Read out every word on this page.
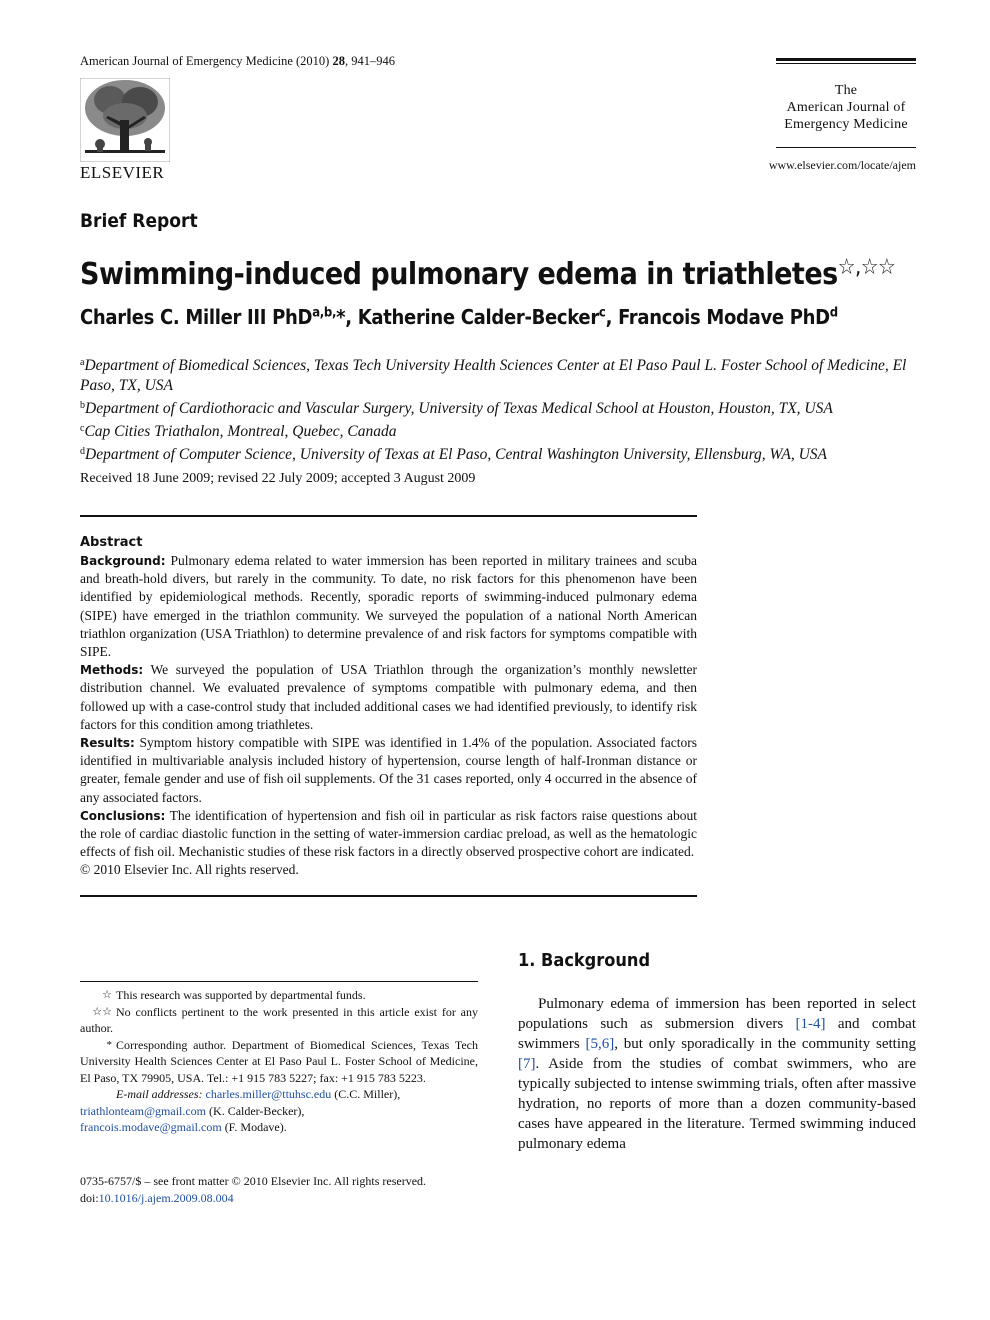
American Journal of Emergency Medicine (2010) 28, 941–946
ELSEVIER
The
American Journal of
Emergency Medicine
www.elsevier.com/locate/ajem
Brief Report
Swimming-induced pulmonary edema in triathletes☆,☆☆
Charles C. Miller III PhD$^{a,b,}$*, Katherine Calder-Becker$^c$, Francois Modave PhD$^d$
$^a$Department of Biomedical Sciences, Texas Tech University Health Sciences Center at El Paso Paul L. Foster School of Medicine, El Paso, TX, USA
$^b$Department of Cardiothoracic and Vascular Surgery, University of Texas Medical School at Houston, Houston, TX, USA
$^c$Cap Cities Triathalon, Montreal, Quebec, Canada
$^d$Department of Computer Science, University of Texas at El Paso, Central Washington University, Ellensburg, WA, USA
Received 18 June 2009; revised 22 July 2009; accepted 3 August 2009
Abstract

Background: Pulmonary edema related to water immersion has been reported in military trainees and scuba and breath-hold divers, but rarely in the community. To date, no risk factors for this phenomenon have been identified by epidemiological methods. Recently, sporadic reports of swimming-induced pulmonary edema (SIPE) have emerged in the triathlon community. We surveyed the population of a national North American triathlon organization (USA Triathlon) to determine prevalence of and risk factors for symptoms compatible with SIPE.

Methods: We surveyed the population of USA Triathlon through the organization’s monthly newsletter distribution channel. We evaluated prevalence of symptoms compatible with pulmonary edema, and then followed up with a case-control study that included additional cases we had identified previously, to identify risk factors for this condition among triathletes.

Results: Symptom history compatible with SIPE was identified in 1.4% of the population. Associated factors identified in multivariable analysis included history of hypertension, course length of half-Ironman distance or greater, female gender and use of fish oil supplements. Of the 31 cases reported, only 4 occurred in the absence of any associated factors.

Conclusions: The identification of hypertension and fish oil in particular as risk factors raise questions about the role of cardiac diastolic function in the setting of water-immersion cardiac preload, as well as the hematologic effects of fish oil. Mechanistic studies of these risk factors in a directly observed prospective cohort are indicated.

© 2010 Elsevier Inc. All rights reserved.

☆ This research was supported by departmental funds.

☆☆ No conflicts pertinent to the work presented in this article exist for any author.

* Corresponding author. Department of Biomedical Sciences, Texas Tech University Health Sciences Center at El Paso Paul L. Foster School of Medicine, El Paso, TX 79905, USA. Tel.: +1 915 783 5227; fax: +1 915 783 5223.

E-mail addresses: charles.miller@ttuhsc.edu (C.C. Miller),
triathlonteam@gmail.com (K. Calder-Becker),
francois.modave@gmail.com (F. Modave).

0735-6757/$ – see front matter © 2010 Elsevier Inc. All rights reserved.
doi:10.1016/j.ajem.2009.08.004
1. Background
Pulmonary edema of immersion has been reported in select populations such as submersion divers [1-4] and combat swimmers [5,6], but only sporadically in the community setting [7]. Aside from the studies of combat swimmers, who are typically subjected to intense swimming trials, often after massive hydration, no reports of more than a dozen community-based cases have appeared in the literature. Termed swimming induced pulmonary edema
